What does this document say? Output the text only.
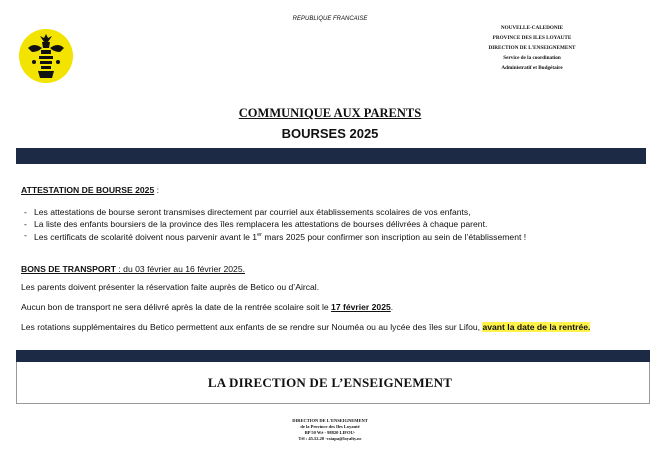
REPUBLIQUE FRANCAISE
NOUVELLE-CALEDONIE
PROVINCE DES ILES LOYAUTE
DIRECTION DE L'ENSEIGNEMENT
Service de la coordination
Administratif et Budgétaire
COMMUNIQUE AUX PARENTS
BOURSES 2025
ATTESTATION DE BOURSE 2025 :
- Les attestations de bourse seront transmises directement par courriel aux établissements scolaires de vos enfants,
- La liste des enfants boursiers de la province des îles remplacera les attestations de bourses délivrées à chaque parent.
- Les certificats de scolarité doivent nous parvenir avant le 1er mars 2025 pour confirmer son inscription au sein de l’établissement !
BONS DE TRANSPORT : du 03 février au 16 février 2025.
Les parents doivent présenter la réservation faite auprès de Betico ou d’Aircal.
Aucun bon de transport ne sera délivré après la date de la rentrée scolaire soit le 17 février 2025.
Les rotations supplémentaires du Betico permettent aux enfants de se rendre sur Nouméa ou au lycée des îles sur Lifou, avant la date de la rentrée.
LA DIRECTION DE L’ENSEIGNEMENT
DIRECTION DE L'ENSEIGNEMENT
de la Province des Iles Loyauté
BP 50 Wé - 98820 LIFOU-
Tél : 45.52.20 -cstapa@loyalty.nc
